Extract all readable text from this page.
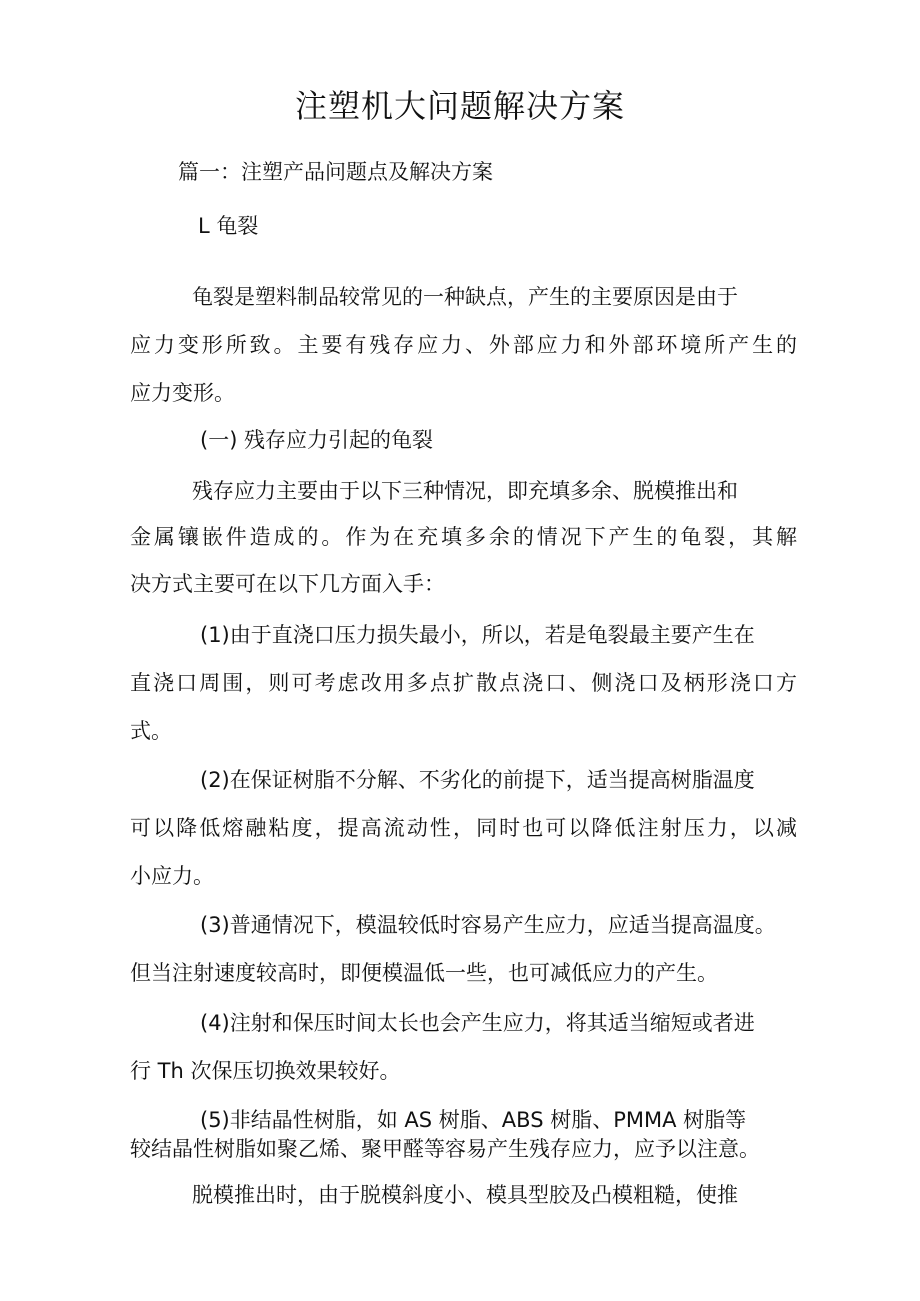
注塑机大问题解决方案

篇一：注塑产品问题点及解决方案

L 龟裂

龟裂是塑料制品较常见的一种缺点，产生的主要原因是由于

应力变形所致。主要有残存应力、外部应力和外部环境所产生的

应力变形。

(一) 残存应力引起的龟裂

残存应力主要由于以下三种情况，即充填多余、脱模推出和

金属镶嵌件造成的。作为在充填多余的情况下产生的龟裂，其解

决方式主要可在以下几方面入手：

(1)由于直浇口压力损失最小，所以，若是龟裂最主要产生在

直浇口周围，则可考虑改用多点扩散点浇口、侧浇口及柄形浇口方

式。

(2)在保证树脂不分解、不劣化的前提下，适当提高树脂温度

可以降低熔融粘度，提高流动性，同时也可以降低注射压力，以减

小应力。

(3)普通情况下，模温较低时容易产生应力，应适当提高温度。

但当注射速度较高时，即便模温低一些，也可减低应力的产生。

(4)注射和保压时间太长也会产生应力，将其适当缩短或者进

行 Th 次保压切换效果较好。

(5)非结晶性树脂，如 AS 树脂、ABS 树脂、PMMA 树脂等

较结晶性树脂如聚乙烯、聚甲醛等容易产生残存应力，应予以注意。

脱模推出时，由于脱模斜度小、模具型胶及凸模粗糙，使推
